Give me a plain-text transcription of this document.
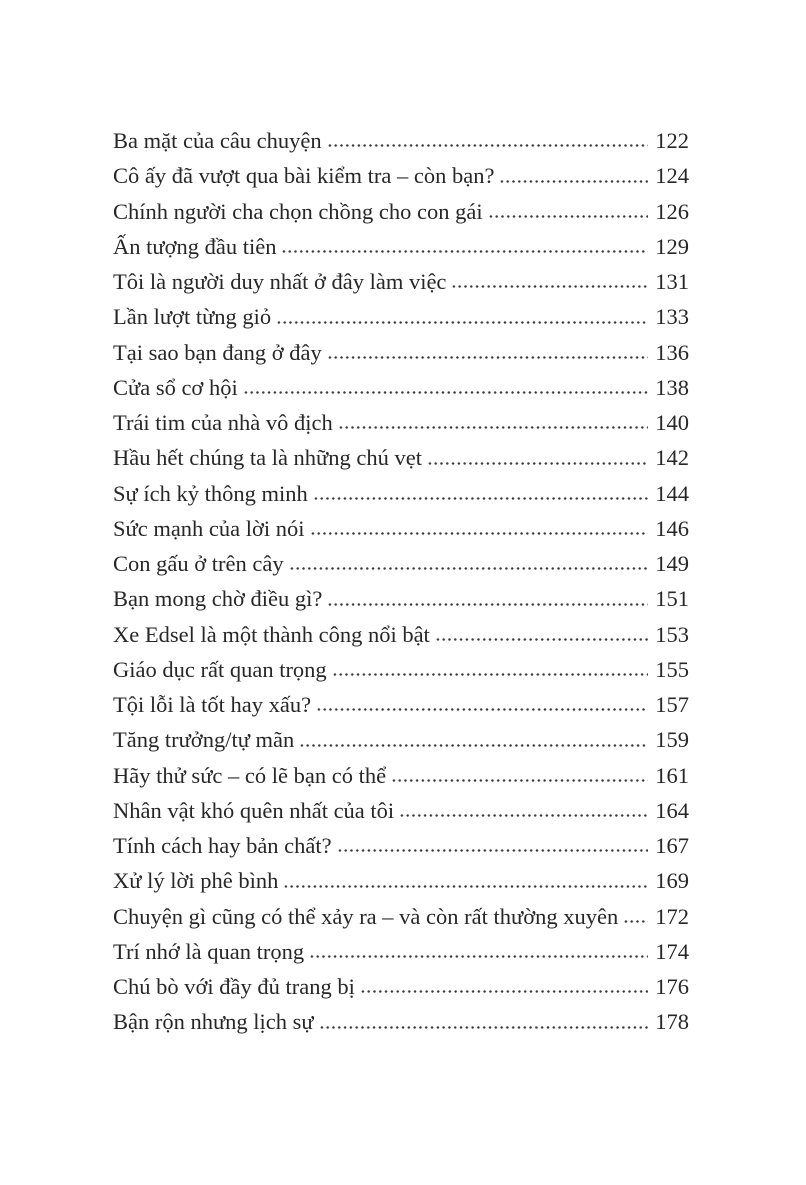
Ba mặt của câu chuyện	122
Cô ấy đã vượt qua bài kiểm tra – còn bạn?	124
Chính người cha chọn chồng cho con gái	126
Ấn tượng đầu tiên	129
Tôi là người duy nhất ở đây làm việc	131
Lần lượt từng giỏ	133
Tại sao bạn đang ở đây	136
Cửa sổ cơ hội	138
Trái tim của nhà vô địch	140
Hầu hết chúng ta là những chú vẹt	142
Sự ích kỷ thông minh	144
Sức mạnh của lời nói	146
Con gấu ở trên cây	149
Bạn mong chờ điều gì?	151
Xe Edsel là một thành công nổi bật	153
Giáo dục rất quan trọng	155
Tội lỗi là tốt hay xấu?	157
Tăng trưởng/tự mãn	159
Hãy thử sức – có lẽ bạn có thể	161
Nhân vật khó quên nhất của tôi	164
Tính cách hay bản chất?	167
Xử lý lời phê bình	169
Chuyện gì cũng có thể xảy ra – và còn rất thường xuyên 172
Trí nhớ là quan trọng	174
Chú bò với đầy đủ trang bị	176
Bận rộn nhưng lịch sự	178
